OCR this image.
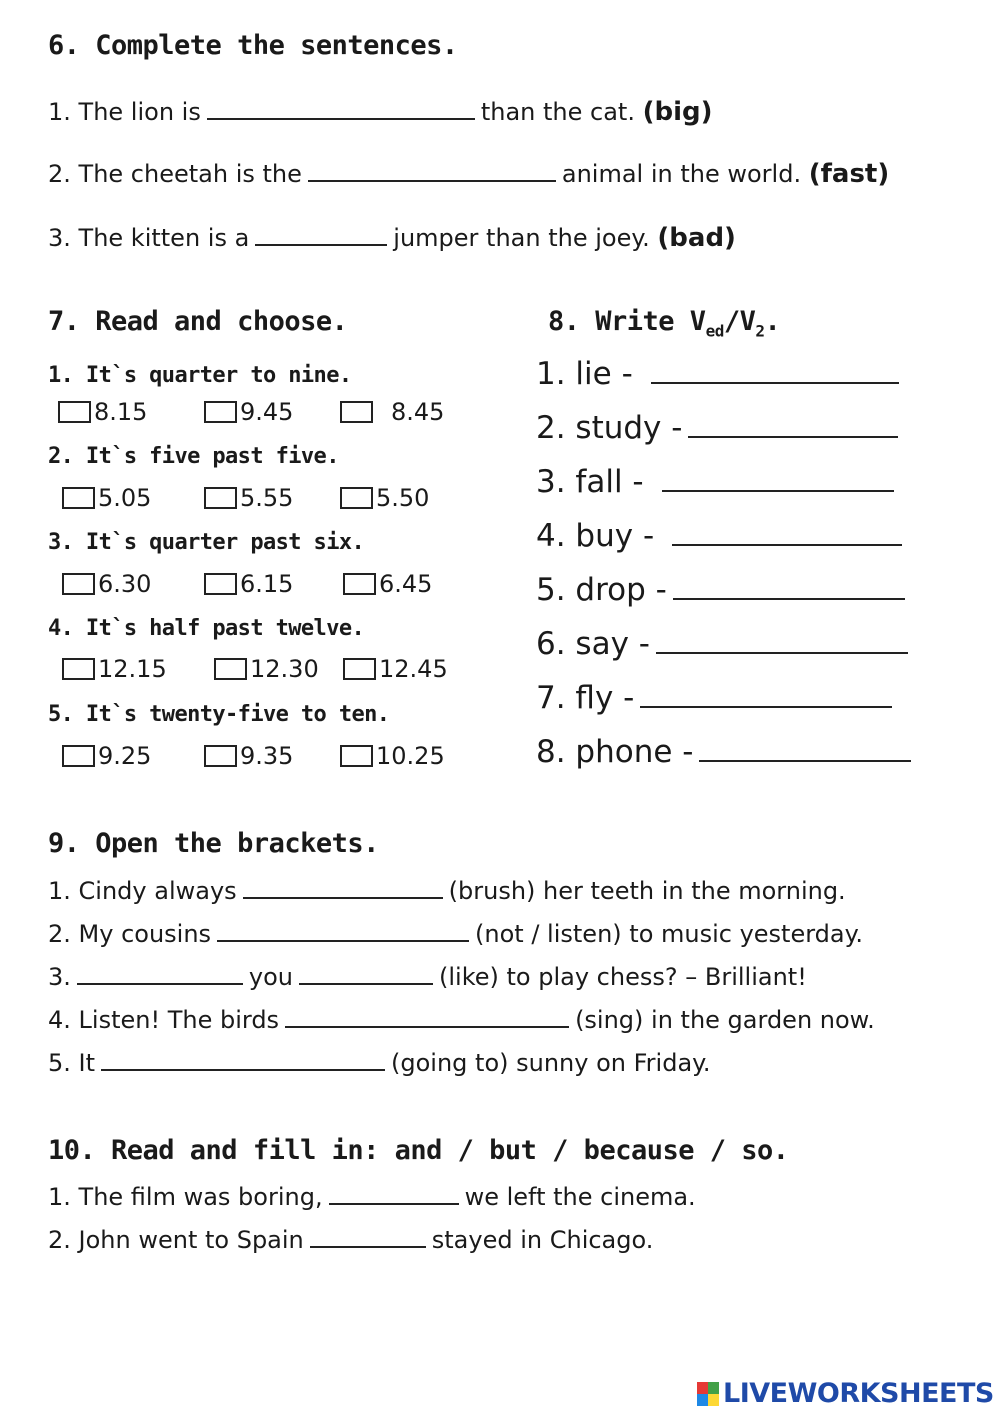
6. Complete the sentences.
1. The lion is	than the cat. (big)
2. The cheetah is the	animal in the world. (fast)
3. The kitten is a	jumper than the joey. (bad)
7. Read and choose.
1. It`s quarter to nine.
8.15	9.45	8.45
2. It`s five past five.
5.05	5.55	5.50
3. It`s quarter past six.
6.30	6.15	6.45
4. It`s half past twelve.
12.15	12.30	12.45
5. It`s twenty-five to ten.
9.25	9.35	10.25
8. Write $V_{ed}/V_2$.
1. lie -
2. study -
3. fall -
4. buy -
5. drop -
6. say -
7. fly -
8. phone -
9. Open the brackets.
1. Cindy always	(brush) her teeth in the morning.
2. My cousins	(not / listen) to music yesterday.
3.	you	(like) to play chess? – Brilliant!
4. Listen! The birds	(sing) in the garden now.
5. It	(going to) sunny on Friday.
10. Read and fill in: and / but / because / so.
1. The film was boring,	we left the cinema.
2. John went to Spain	stayed in Chicago.
LIVEWORKSHEETS
